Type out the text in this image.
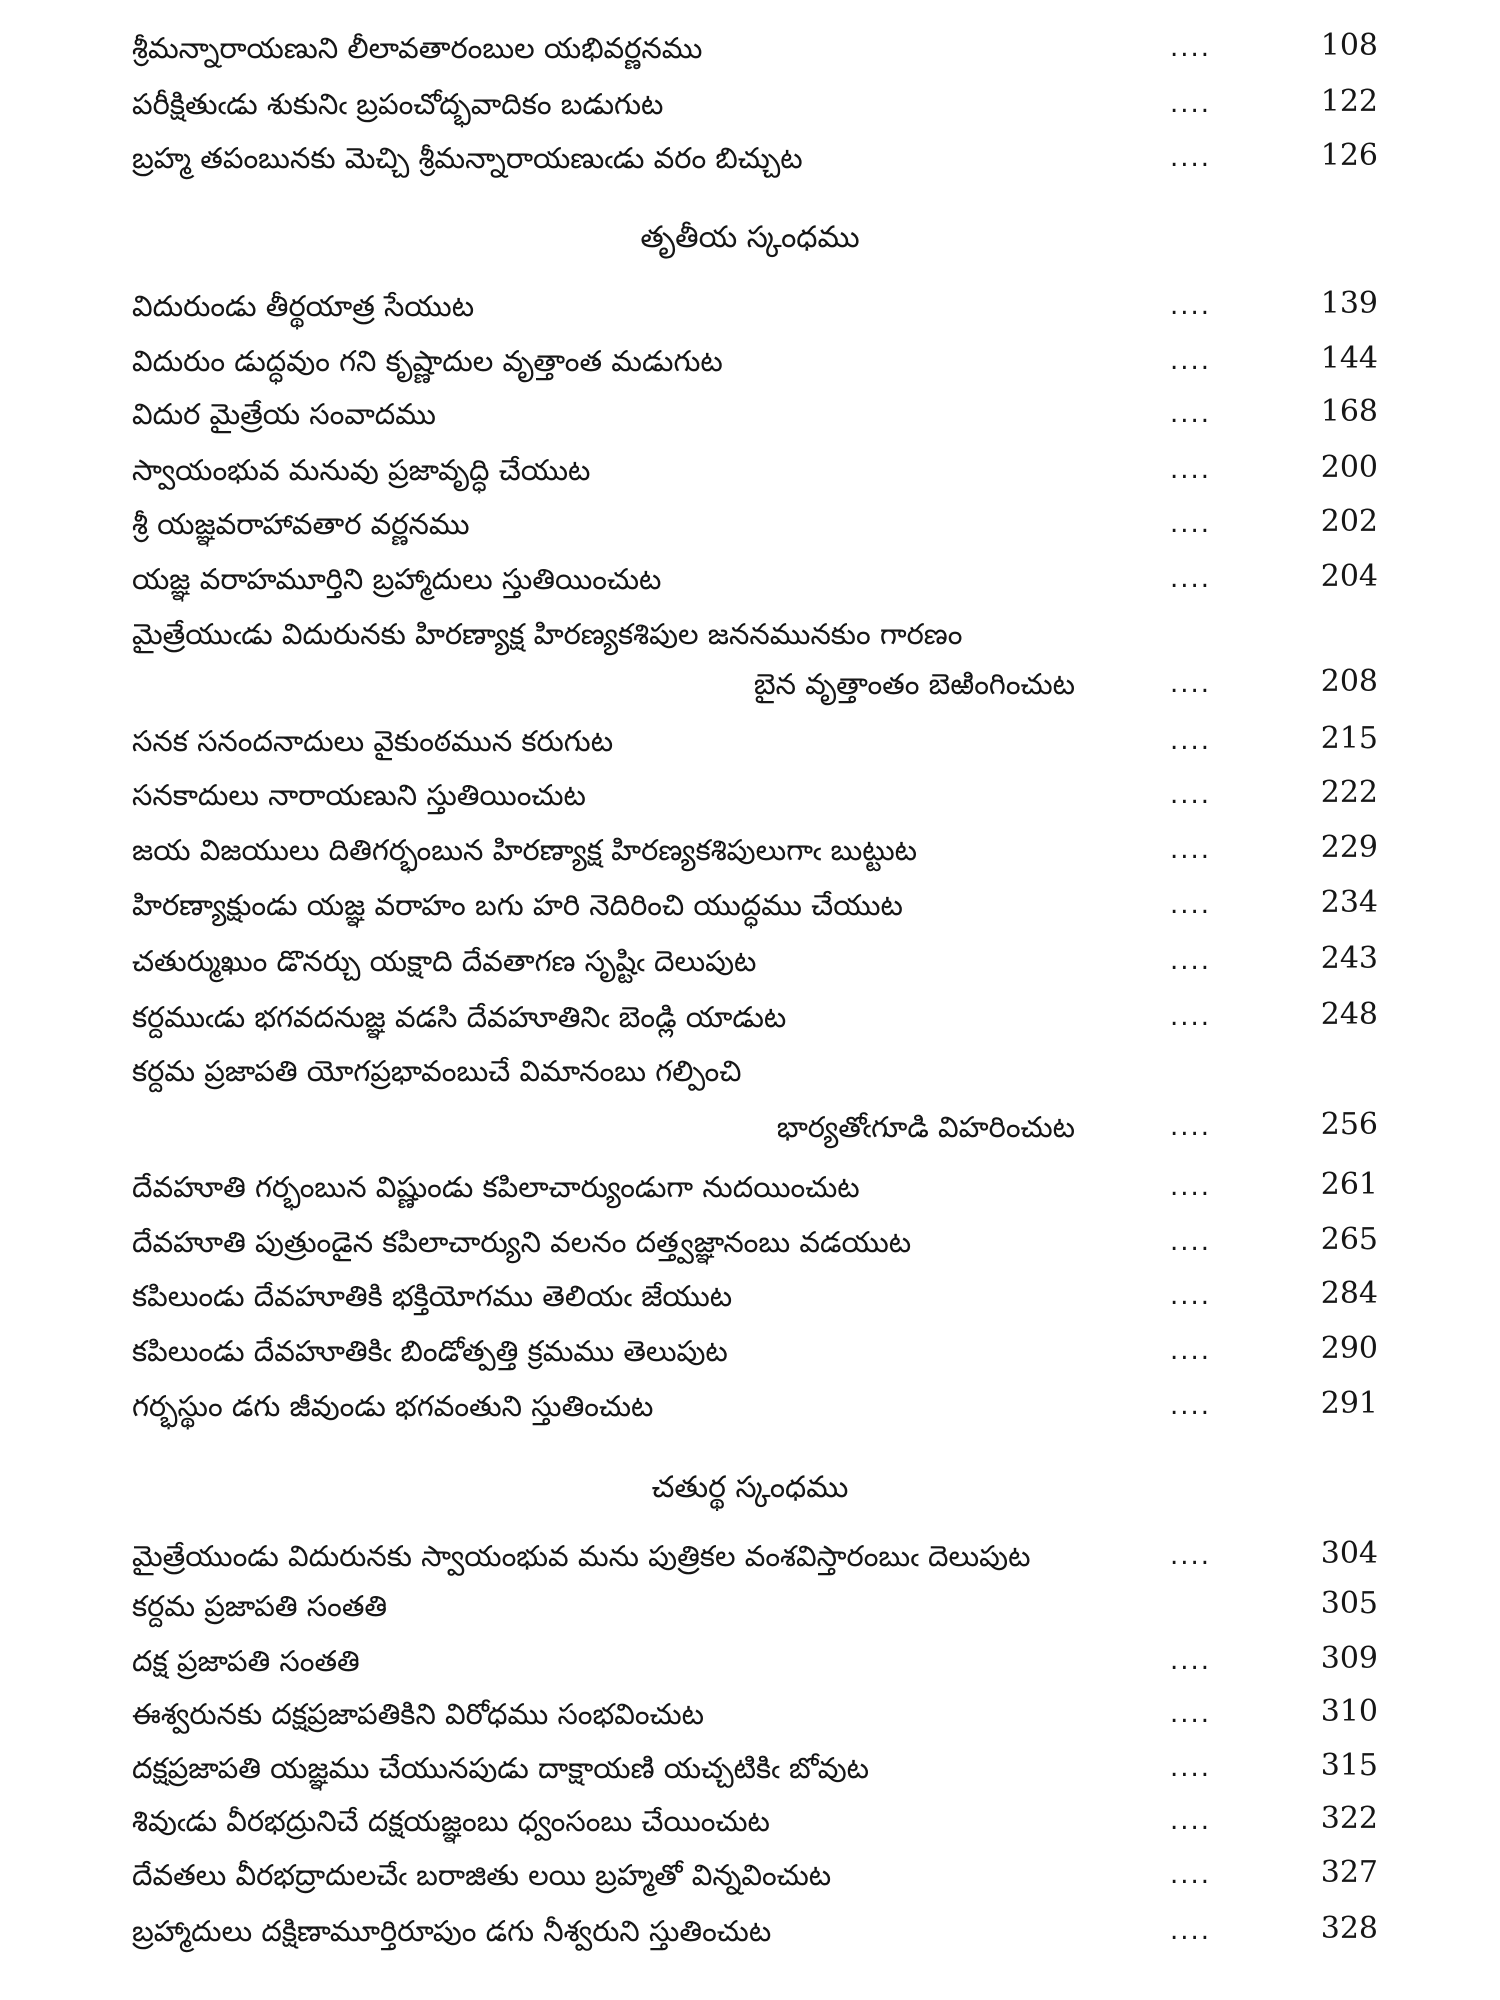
శ్రీమన్నారాయణుని లీలావతారంబుల యభివర్ణనము	....	108
పరీక్షితుఁడు శుకునిఁ బ్రపంచోద్భవాదికం బడుగుట	....	122
బ్రహ్మ తపంబునకు మెచ్చి శ్రీమన్నారాయణుఁడు వరం బిచ్చుట	....	126
తృతీయ స్కంధము
విదురుండు తీర్థయాత్ర సేయుట	....	139
విదురుం డుద్ధవుం గని కృష్ణాదుల వృత్తాంత మడుగుట	....	144
విదుర మైత్రేయ సంవాదము	....	168
స్వాయంభువ మనువు ప్రజావృద్ధి చేయుట	....	200
శ్రీ యజ్ఞవరాహావతార వర్ణనము	....	202
యజ్ఞ వరాహమూర్తిని బ్రహ్మాదులు స్తుతియించుట	....	204
మైత్రేయుఁడు విదురునకు హిరణ్యాక్ష హిరణ్యకశిపుల జననమునకుం గారణం
బైన వృత్తాంతం బెఱింగించుట	....	208
సనక సనందనాదులు వైకుంఠమున కరుగుట	....	215
సనకాదులు నారాయణుని స్తుతియించుట	....	222
జయ విజయులు దితిగర్భంబున హిరణ్యాక్ష హిరణ్యకశిపులుగాఁ బుట్టుట	....	229
హిరణ్యాక్షుండు యజ్ఞ వరాహం బగు హరి నెదిరించి యుద్ధము చేయుట	....	234
చతుర్ముఖుం డొనర్చు యక్షాది దేవతాగణ సృష్టిఁ దెలుపుట	....	243
కర్దముఁడు భగవదనుజ్ఞ వడసి దేవహూతినిఁ బెండ్లి యాడుట	....	248
కర్దమ ప్రజాపతి యోగప్రభావంబుచే విమానంబు గల్పించి
భార్యతోఁగూడి విహరించుట	....	256
దేవహూతి గర్భంబున విష్ణుండు కపిలాచార్యుండుగా నుదయించుట	....	261
దేవహూతి పుత్రుండైన కపిలాచార్యుని వలనం దత్త్వజ్ఞానంబు వడయుట	....	265
కపిలుండు దేవహూతికి భక్తియోగము తెలియఁ జేయుట	....	284
కపిలుండు దేవహూతికిఁ బిండోత్పత్తి క్రమము తెలుపుట	....	290
గర్భస్థుం డగు జీవుండు భగవంతుని స్తుతించుట	....	291
చతుర్థ స్కంధము
మైత్రేయుండు విదురునకు స్వాయంభువ మను పుత్రికల వంశవిస్తారంబుఁ దెలుపుట	....	304
కర్దమ ప్రజాపతి సంతతి	305
దక్ష ప్రజాపతి సంతతి	....	309
ఈశ్వరునకు దక్షప్రజాపతికిని విరోధము సంభవించుట	....	310
దక్షప్రజాపతి యజ్ఞము చేయునపుడు దాక్షాయణి యచ్చటికిఁ బోవుట	....	315
శివుఁడు వీరభద్రునిచే దక్షయజ్ఞంబు ధ్వంసంబు చేయించుట	....	322
దేవతలు వీరభద్రాదులచేఁ బరాజితు లయి బ్రహ్మతో విన్నవించుట	....	327
బ్రహ్మాదులు దక్షిణామూర్తిరూపుం డగు నీశ్వరుని స్తుతించుట	....	328
